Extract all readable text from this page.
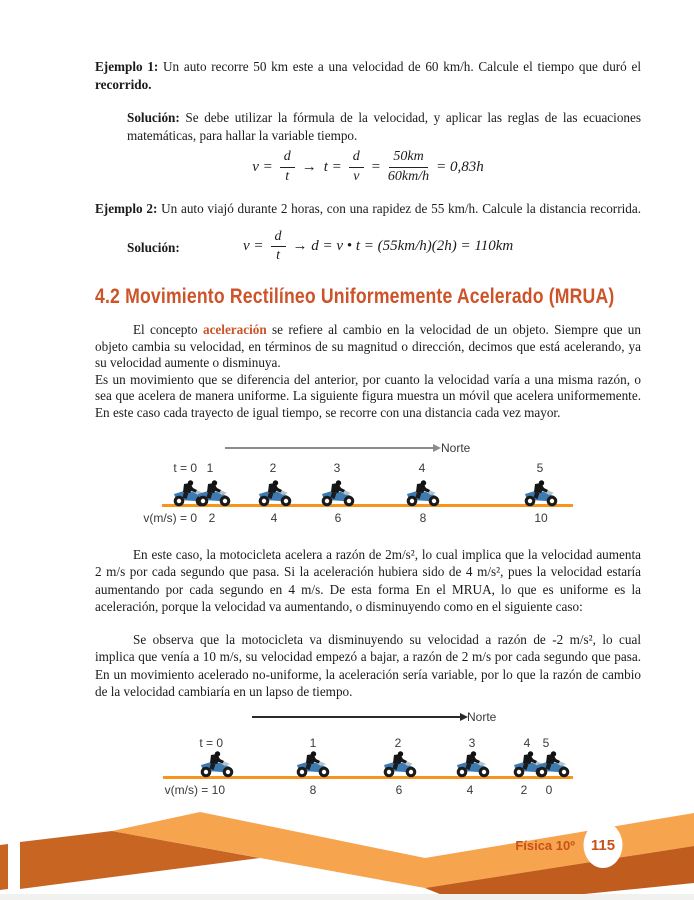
Ejemplo 1: Un auto recorre 50 km este a una velocidad de 60 km/h. Calcule el tiempo que duró el
recorrido.
Solución: Se debe utilizar la fórmula de la velocidad, y aplicar las reglas de las ecuaciones
matemáticas, para hallar la variable tiempo.
$v = \frac{d}{t} \to t = \frac{d}{v} = \frac{50km}{60km/h} = 0,83h$
Ejemplo 2: Un auto viajó durante 2 horas, con una rapidez de 55 km/h. Calcule la distancia recorrida.
Solución:	$v = \frac{d}{t} \to d = v$ • t = (55km/h)(2h) = 110km
4.2 Movimiento Rectilíneo Uniformemente Acelerado (MRUA)
El concepto aceleración se refiere al cambio en la velocidad de un objeto. Siempre que un
objeto cambia su velocidad, en términos de su magnitud o dirección, decimos que está acelerando, ya
su velocidad aumente o disminuya.
Es un movimiento que se diferencia del anterior, por cuanto la velocidad varía a una misma razón, o
sea que acelera de manera uniforme. La siguiente figura muestra un móvil que acelera uniformemente.
En este caso cada trayecto de igual tiempo, se recorre con una distancia cada vez mayor.
Norte
t = 0 1	2	3	4	5
v(m/s) = 0 2	4	6	8	10
En este caso, la motocicleta acelera a razón de 2m/s², lo cual implica que la velocidad aumenta
2 m/s por cada segundo que pasa. Si la aceleración hubiera sido de 4 m/s², pues la velocidad estaría
aumentando por cada segundo en 4 m/s. De esta forma En el MRUA, lo que es uniforme es la
aceleración, porque la velocidad va aumentando, o disminuyendo como en el siguiente caso:
Se observa que la motocicleta va disminuyendo su velocidad a razón de -2 m/s², lo cual
implica que venía a 10 m/s, su velocidad empezó a bajar, a razón de 2 m/s por cada segundo que pasa.
En un movimiento acelerado no-uniforme, la aceleración sería variable, por lo que la razón de cambio
de la velocidad cambiaría en un lapso de tiempo.
Norte
t = 0	1	2	3	4	5
v(m/s) = 10	8	6	4	2	0
Física 10º	115
